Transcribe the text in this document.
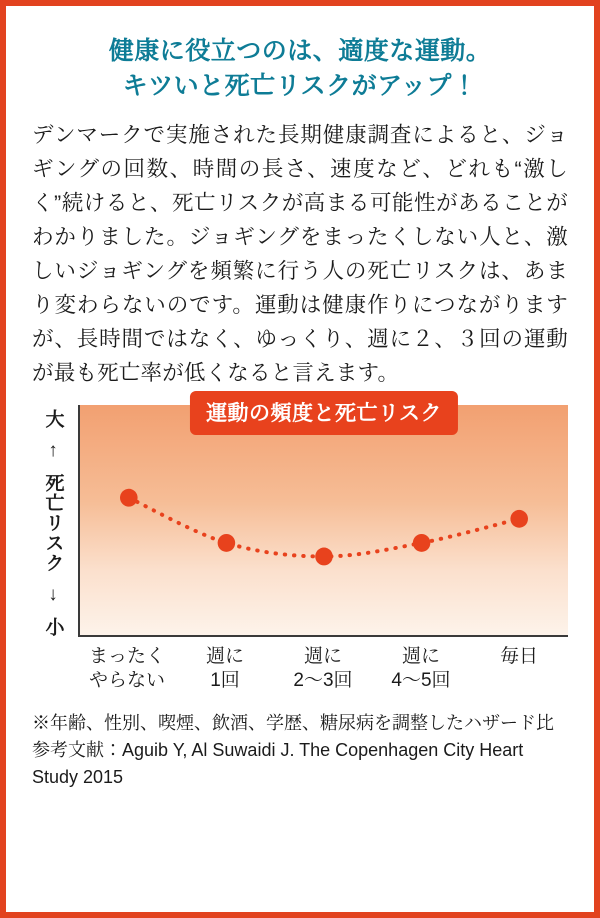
健康に役立つのは、適度な運動。
キツいと死亡リスクがアップ！

デンマークで実施された長期健康調査によると、ジョギングの回数、時間の長さ、速度など、どれも“激しく”続けると、死亡リスクが高まる可能性があることがわかりました。ジョギングをまったくしない人と、激しいジョギングを頻繁に行う人の死亡リスクは、あまり変わらないのです。運動は健康作りにつながりますが、長時間ではなく、ゆっくり、週に２、３回の運動が最も死亡率が低くなると言えます。

大
↑
死亡リスク
↓
小
運動の頻度と死亡リスク
まったく
やらない
週に
1回
週に
2〜3回
週に
4〜5回
毎日

※年齢、性別、喫煙、飲酒、学歴、糖尿病を調整したハザード比

参考文献：Aguib Y, Al Suwaidi J. The Copenhagen City Heart Study 2015
